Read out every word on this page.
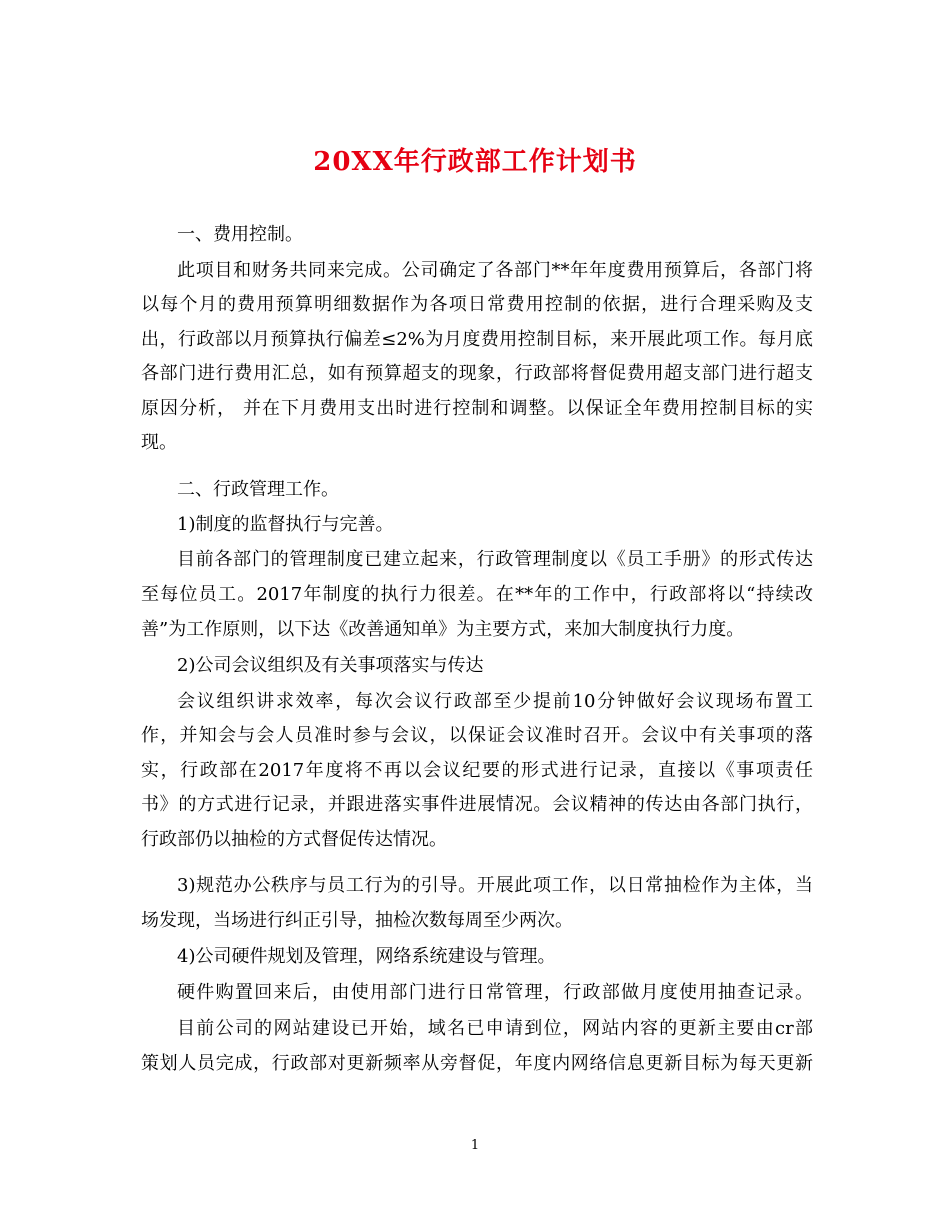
20XX年行政部工作计划书
一、费用控制。
此项目和财务共同来完成。公司确定了各部门**年年度费用预算后，各部门将
以每个月的费用预算明细数据作为各项日常费用控制的依据，进行合理采购及支
出，行政部以月预算执行偏差≤2%为月度费用控制目标，来开展此项工作。每月底
各部门进行费用汇总，如有预算超支的现象，行政部将督促费用超支部门进行超支
原因分析， 并在下月费用支出时进行控制和调整。以保证全年费用控制目标的实
现。
二、行政管理工作。
1)制度的监督执行与完善。
目前各部门的管理制度已建立起来，行政管理制度以《员工手册》的形式传达
至每位员工。2017年制度的执行力很差。在**年的工作中，行政部将以“持续改
善”为工作原则，以下达《改善通知单》为主要方式，来加大制度执行力度。
2)公司会议组织及有关事项落实与传达
会议组织讲求效率，每次会议行政部至少提前10分钟做好会议现场布置工
作，并知会与会人员准时参与会议，以保证会议准时召开。会议中有关事项的落
实，行政部在2017年度将不再以会议纪要的形式进行记录，直接以《事项责任
书》的方式进行记录，并跟进落实事件进展情况。会议精神的传达由各部门执行，
行政部仍以抽检的方式督促传达情况。
3)规范办公秩序与员工行为的引导。开展此项工作，以日常抽检作为主体，当
场发现，当场进行纠正引导，抽检次数每周至少两次。
4)公司硬件规划及管理，网络系统建设与管理。
硬件购置回来后，由使用部门进行日常管理，行政部做月度使用抽查记录。
目前公司的网站建设已开始，域名已申请到位，网站内容的更新主要由cr部
策划人员完成，行政部对更新频率从旁督促，年度内网络信息更新目标为每天更新
1
